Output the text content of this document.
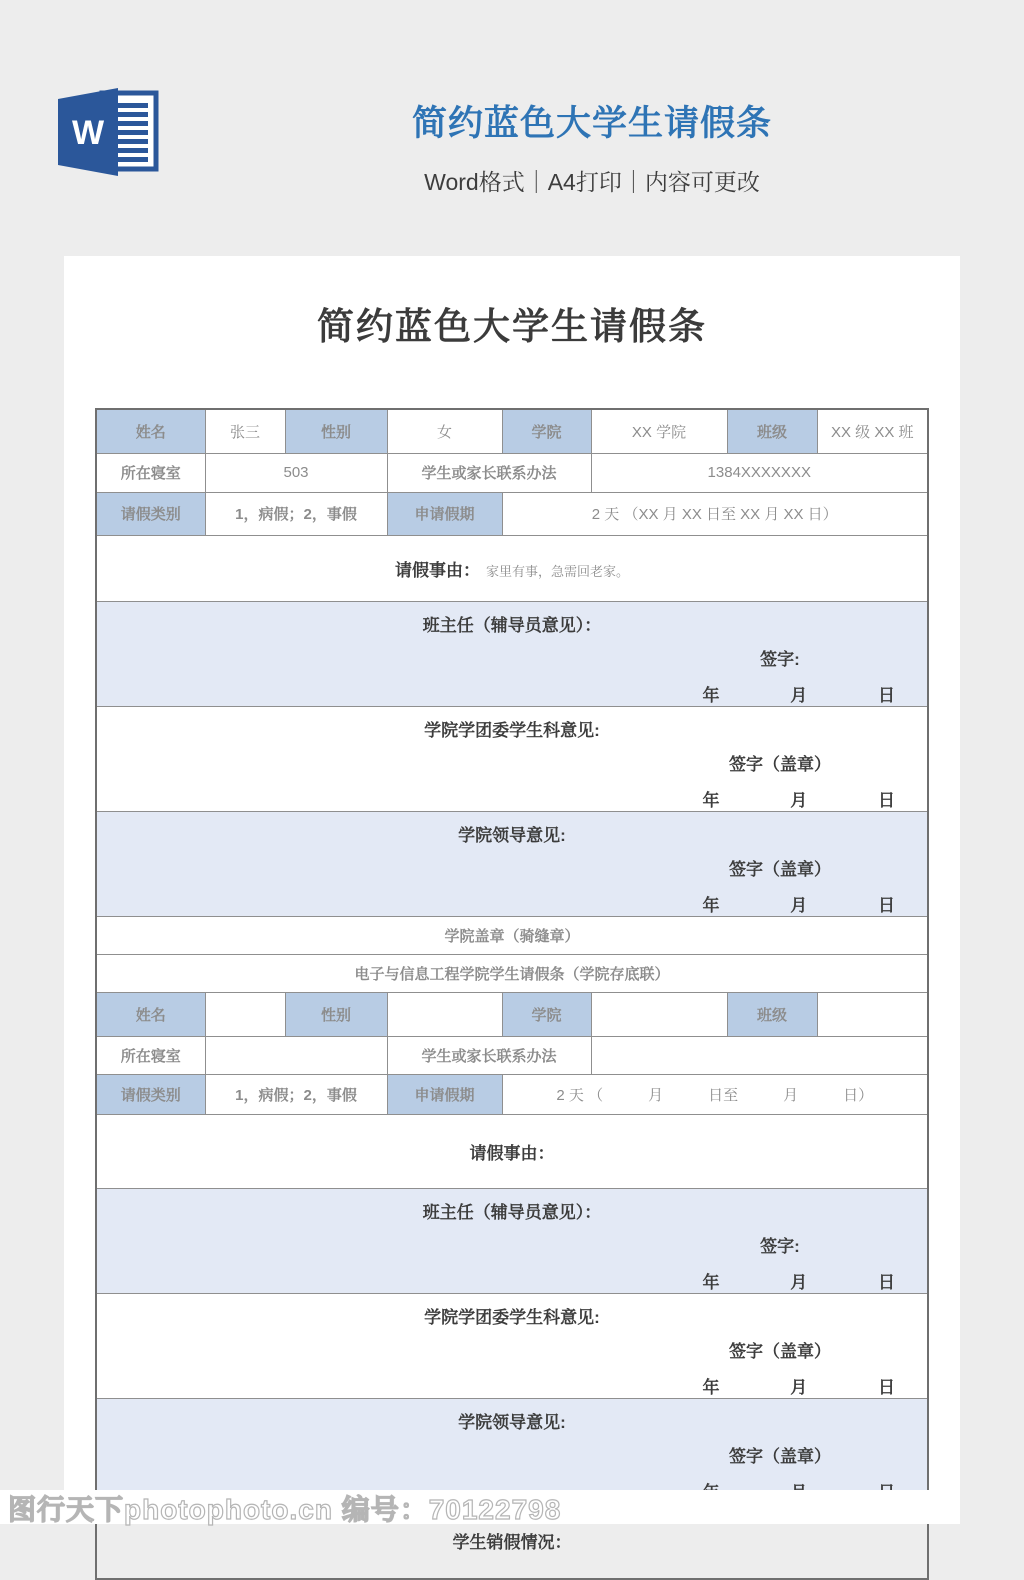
W	简约蓝色大学生请假条
Word格式｜A4打印｜内容可更改
简约蓝色大学生请假条
姓名	张三	性别	女	学院	XX 学院	班级	XX 级 XX 班
所在寝室	503		学生或家长联系办法		1384XXXXXXX		
请假类别	1，病假；2，事假		申请假期	2 天 （XX 月 XX 日至 XX 月 XX 日）			
请假事由： 家里有事，急需回老家。							

班主任（辅导员意见）：
签字:
年 月 日							

学院学团委学生科意见:
签字（盖章）
年 月 日							

学院领导意见:
签字（盖章）
年 月 日							

学院盖章（骑缝章）							
电子与信息工程学院学生请假条（学院存底联）							
姓名		性别		学院		班级	
所在寝室			学生或家长联系办法				
请假类别	1，病假；2，事假		申请假期	2 天 （　　　月　　　日至　　　月　　　日）			
请假事由：							

班主任（辅导员意见）：
签字:
年 月 日							

学院学团委学生科意见:
签字（盖章）
年 月 日							

学院领导意见:
签字（盖章）							

学生销假情况：							
图行天下photophoto.cn 编号：70122798
